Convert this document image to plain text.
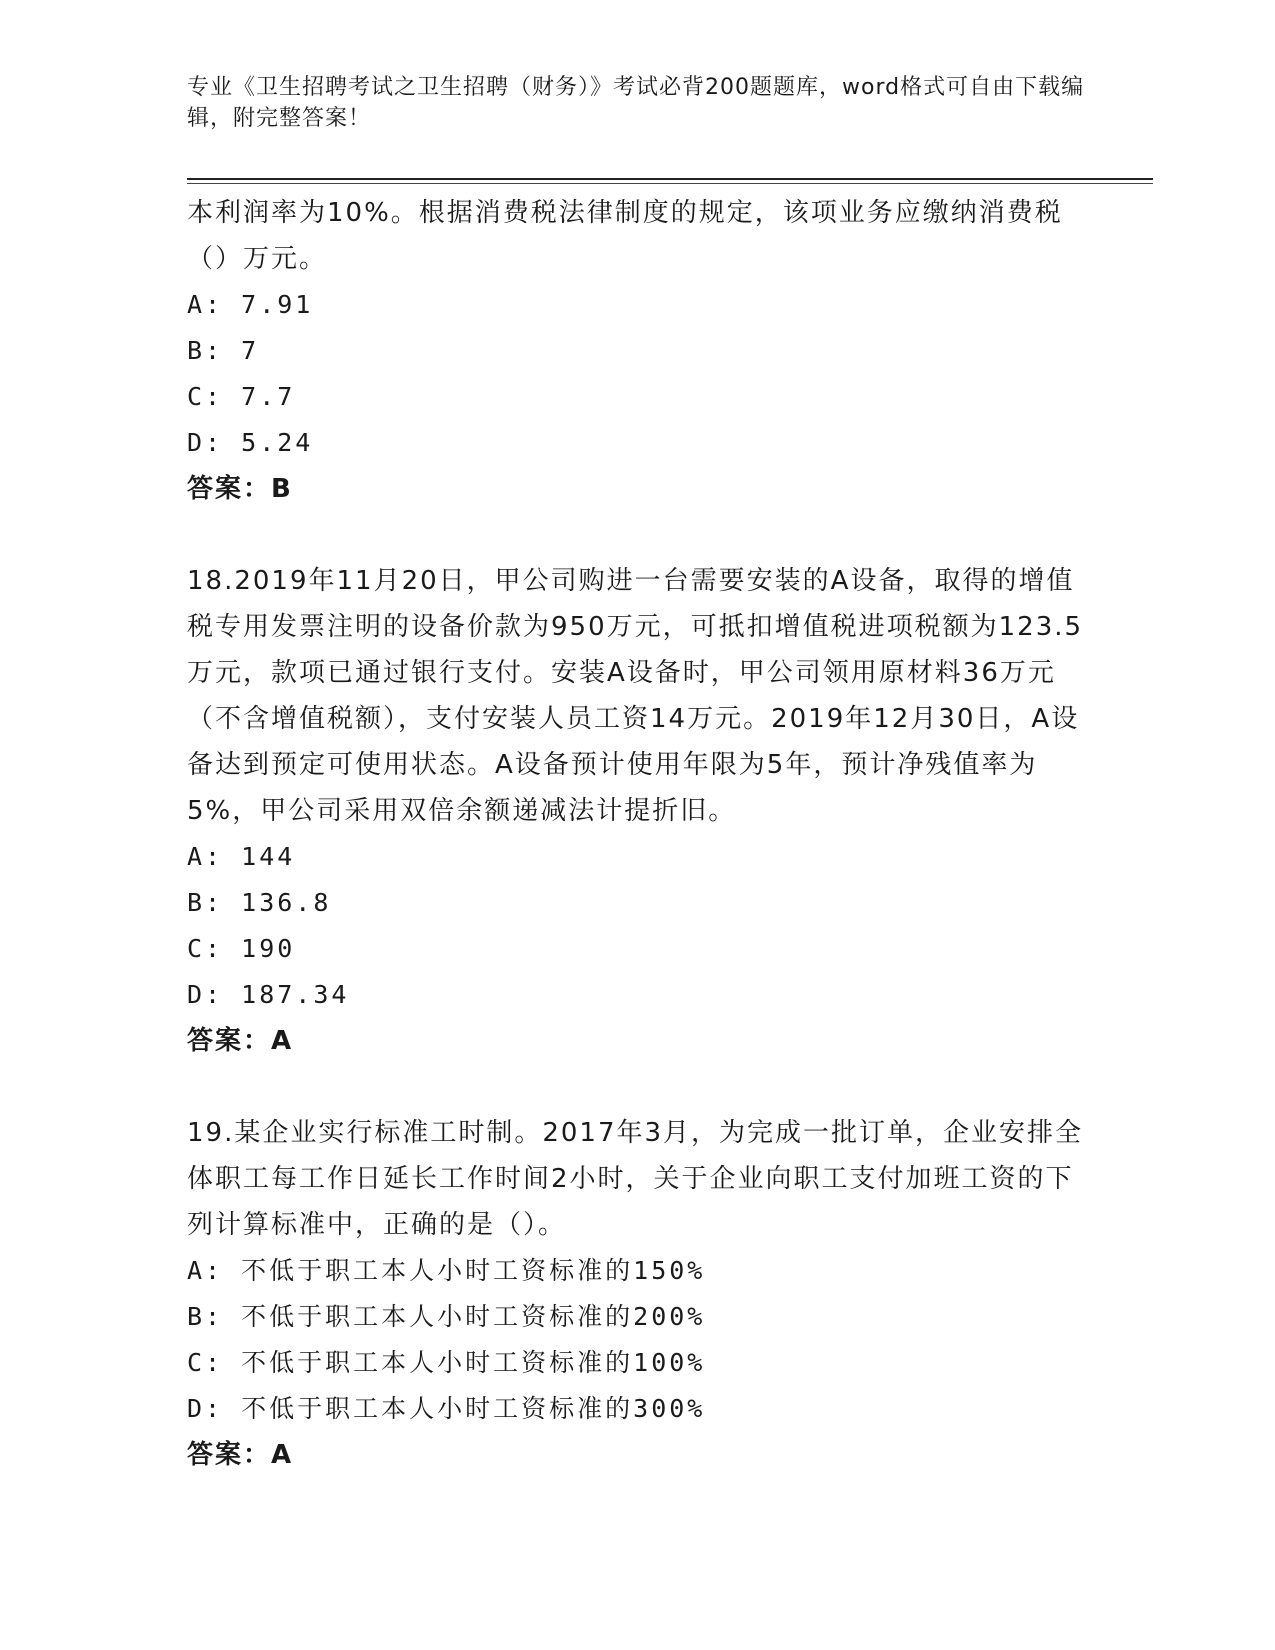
专业《卫生招聘考试之卫生招聘（财务）》考试必背200题题库，word格式可自由下载编辑，附完整答案！

本利润率为10%。根据消费税法律制度的规定，该项业务应缴纳消费税（）万元。

A: 7.91

B: 7

C: 7.7

D: 5.24

答案：B

18.2019年11月20日，甲公司购进一台需要安装的A设备，取得的增值税专用发票注明的设备价款为950万元，可抵扣增值税进项税额为123.5万元，款项已通过银行支付。安装A设备时，甲公司领用原材料36万元（不含增值税额），支付安装人员工资14万元。2019年12月30日，A设备达到预定可使用状态。A设备预计使用年限为5年，预计净残值率为5%，甲公司采用双倍余额递减法计提折旧。

A: 144

B: 136.8

C: 190

D: 187.34

答案：A

19.某企业实行标准工时制。2017年3月，为完成一批订单，企业安排全体职工每工作日延长工作时间2小时，关于企业向职工支付加班工资的下列计算标准中，正确的是（）。

A: 不低于职工本人小时工资标准的150%

B: 不低于职工本人小时工资标准的200%

C: 不低于职工本人小时工资标准的100%

D: 不低于职工本人小时工资标准的300%

答案：A
